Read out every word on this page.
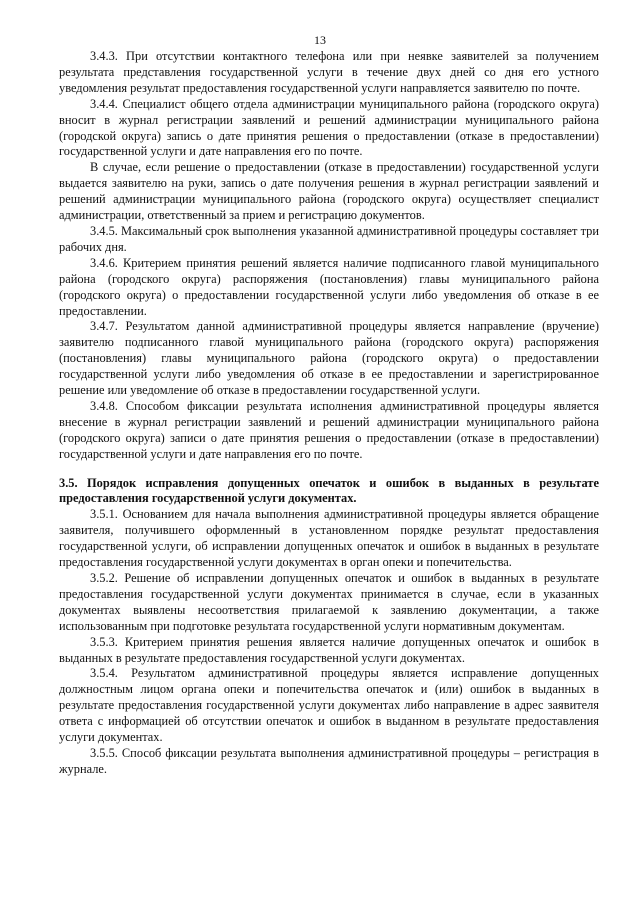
13

3.4.3. При отсутствии контактного телефона или при неявке заявителей за получением результата представления государственной услуги в течение двух дней со дня его устного уведомления результат предоставления государственной услуги направляется заявителю по почте.

3.4.4. Специалист общего отдела администрации муниципального района (городского округа) вносит в журнал регистрации заявлений и решений администрации муниципального района (городской округа) запись о дате принятия решения о предоставлении (отказе в предоставлении) государственной услуги и дате направления его по почте.

В случае, если решение о предоставлении (отказе в предоставлении) государственной услуги выдается заявителю на руки, запись о дате получения решения в журнал регистрации заявлений и решений администрации муниципального района (городского округа) осуществляет специалист администрации, ответственный за прием и регистрацию документов.

3.4.5. Максимальный срок выполнения указанной административной процедуры составляет три рабочих дня.

3.4.6. Критерием принятия решений является наличие подписанного главой муниципального района (городского округа) распоряжения (постановления) главы муниципального района (городского округа) о предоставлении государственной услуги либо уведомления об отказе в ее предоставлении.

3.4.7. Результатом данной административной процедуры является направление (вручение) заявителю подписанного главой муниципального района (городского округа) распоряжения (постановления) главы муниципального района (городского округа) о предоставлении государственной услуги либо уведомления об отказе в ее предоставлении и зарегистрированное решение или уведомление об отказе в предоставлении государственной услуги.

3.4.8. Способом фиксации результата исполнения административной процедуры является внесение в журнал регистрации заявлений и решений администрации муниципального района (городского округа) записи о дате принятия решения о предоставлении (отказе в предоставлении) государственной услуги и дате направления его по почте.

3.5. Порядок исправления допущенных опечаток и ошибок в выданных в результате предоставления государственной услуги документах.

3.5.1. Основанием для начала выполнения административной процедуры является обращение заявителя, получившего оформленный в установленном порядке результат предоставления государственной услуги, об исправлении допущенных опечаток и ошибок в выданных в результате предоставления государственной услуги документах в орган опеки и попечительства.

3.5.2. Решение об исправлении допущенных опечаток и ошибок в выданных в результате предоставления государственной услуги документах принимается в случае, если в указанных документах выявлены несоответствия прилагаемой к заявлению документации, а также использованным при подготовке результата государственной услуги нормативным документам.

3.5.3. Критерием принятия решения является наличие допущенных опечаток и ошибок в выданных в результате предоставления государственной услуги документах.

3.5.4. Результатом административной процедуры является исправление допущенных должностным лицом органа опеки и попечительства опечаток и (или) ошибок в выданных в результате предоставления государственной услуги документах либо направление в адрес заявителя ответа с информацией об отсутствии опечаток и ошибок в выданном в результате предоставления услуги документах.

3.5.5. Способ фиксации результата выполнения административной процедуры – регистрация в журнале.
